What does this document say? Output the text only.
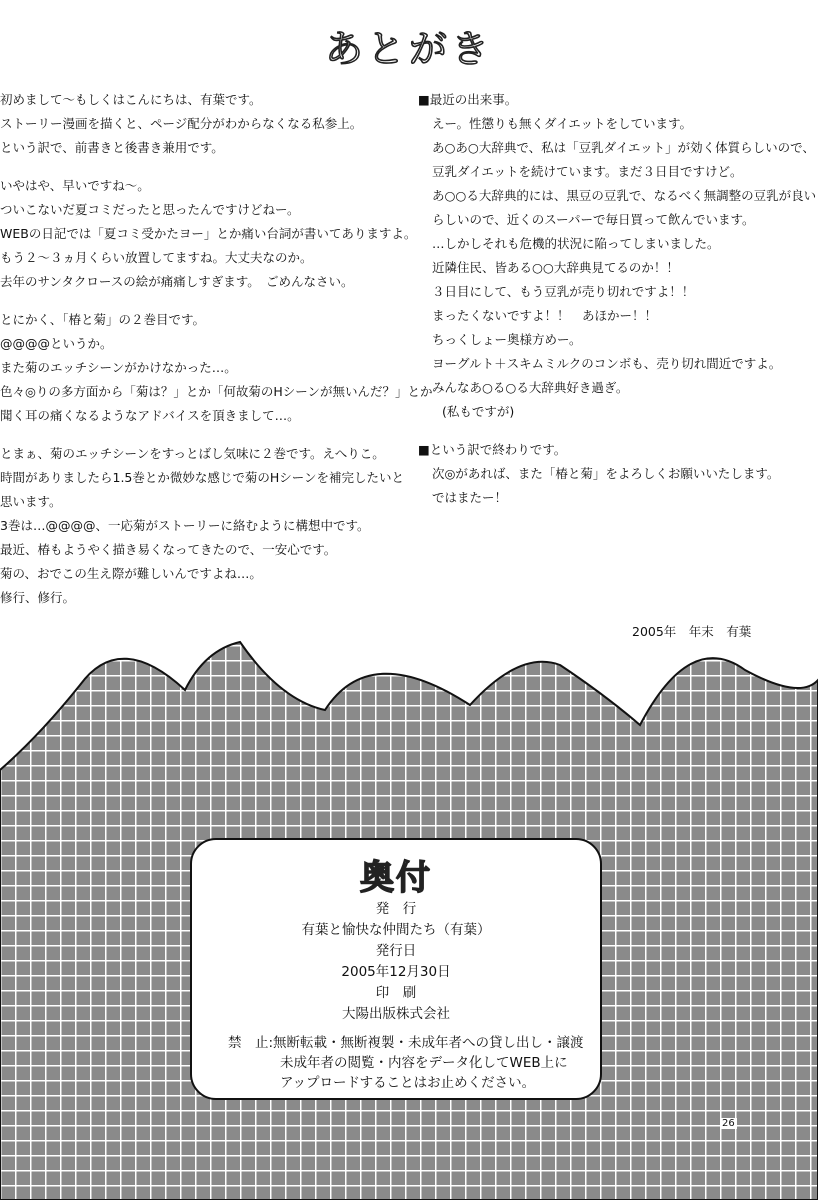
あとがき

初めまして〜もしくはこんにちは、有葉です。

ストーリー漫画を描くと、ページ配分がわからなくなる私参上。

という訳で、前書きと後書き兼用です。

いやはや、早いですね〜。

ついこないだ夏コミだったと思ったんですけどねー。

WEBの日記では「夏コミ受かたヨー」とか痛い台詞が書いてありますよ。

もう２〜３ヵ月くらい放置してますね。大丈夫なのか。

去年のサンタクロースの絵が痛痛しすぎます。　ごめんなさい。

とにかく、「椿と菊」の２巻目です。

@@@@というか。

また菊のエッチシーンがかけなかった…。

色々◎りの多方面から「菊は？」とか「何故菊のHシーンが無いんだ？」とか

聞く耳の痛くなるようなアドバイスを頂きまして…。

とまぁ、菊のエッチシーンをすっとばし気味に２巻です。えへりこ。

時間がありましたら1.5巻とか微妙な感じで菊のHシーンを補完したいと

思います。

3巻は…@@@@、一応菊がストーリーに絡むように構想中です。

最近、椿もようやく描き易くなってきたので、一安心です。

菊の、おでこの生え際が難しいんですよね…。

修行、修行。

■最近の出来事。

えー。性懲りも無くダイエットをしています。

あ○あ○大辞典で、私は「豆乳ダイエット」が効く体質らしいので、

豆乳ダイエットを続けています。まだ３日目ですけど。

あ○○る大辞典的には、黒豆の豆乳で、なるべく無調整の豆乳が良い

らしいので、近くのスーパーで毎日買って飲んでいます。

…しかしそれも危機的状況に陥ってしまいました。

近隣住民、皆ある○○大辞典見てるのか！！

３日目にして、もう豆乳が売り切れですよ！！

まったくないですよ！！　あほかー！！

ちっくしょー奥様方めー。

ヨーグルト＋スキムミルクのコンボも、売り切れ間近ですよ。

みんなあ○る○る大辞典好き過ぎ。

(私もですが)

■という訳で終わりです。

次◎があれば、また「椿と菊」をよろしくお願いいたします。

ではまたー！

2005年　年末　有葉
奥付

発　行

有葉と愉快な仲間たち（有葉）

発行日

2005年12月30日

印　刷

大陽出版株式会社

禁　止:無断転載・無断複製・未成年者への貸し出し・譲渡
未成年者の閲覧・内容をデータ化してWEB上に
アップロードすることはお止めください。
26
